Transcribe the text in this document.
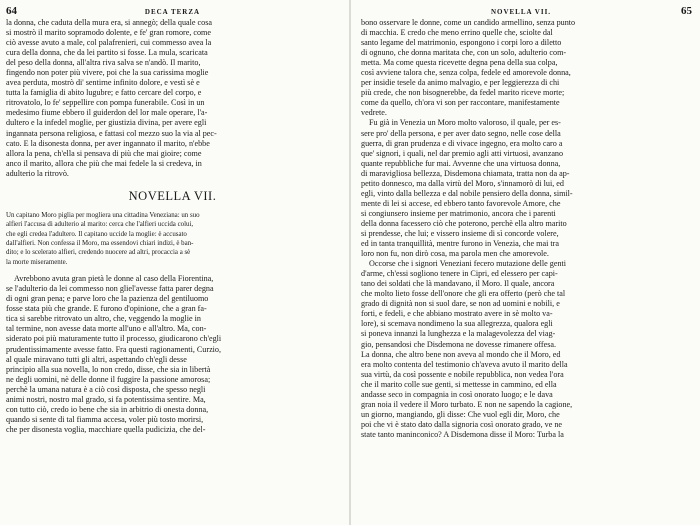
64	DECA TERZA
la donna, che caduta della mura era, si annegò; della quale cosa
si mostrò il marito sopramodo dolente, e fe' gran romore, come
ciò avesse avuto a male, col palafrenieri, cui commesso avea la
cura della donna, che da lei partito si fosse. La mula, scaricata
del peso della donna, all'altra riva salva se n'andò. Il marito,
fingendo non poter più vivere, poi che la sua carissima moglie
avea perduta, mostrò di' sentirne infinito dolore, e vestì sè e
tutta la famiglia di abito lugubre; e fatto cercare del corpo, e
ritrovatolo, lo fe' seppellire con pompa funerabile. Così in un
medesimo fiume ebbero il guiderdon del lor male operare, l'a-
dultero e la infedel moglie, per giustizia divina, per avere egli
ingannata persona religiosa, e fattasi col mezzo suo la via al pec-
cato. E la disonesta donna, per aver ingannato il marito, n'ebbe
allora la pena, ch'ella si pensava di più che mai gioire; come
anco il marito, allora che più che mai fedele la si credeva, in
adulterio la ritrovò.
NOVELLA VII.
Un capitano Moro piglia per mogliera una cittadina Veneziana: un suo
alfieri l'accusa di adulterio al marito: cerca che l'alfieri uccida colui,
che egli credea l'adultero. Il capitano uccide la moglie: è accusato
dall'alfieri. Non confessa il Moro, ma essendovi chiari indizi, è ban-
dito; e lo scelerato alfieri, credendo nuocere ad altri, procaccia a sè
la morte miseramente.
Avrebbono avuta gran pietà le donne al caso della Fiorentina,
se l'adulterio da lei commesso non gliel'avesse fatta parer degna
di ogni gran pena; e parve loro che la pazienza del gentiluomo
fosse stata più che grande. E furono d'opinione, che a gran fa-
tica si sarebbe ritrovato un altro, che, veggendo la moglie in
tal termine, non avesse data morte all'uno e all'altro. Ma, con-
siderato poi più maturamente tutto il processo, giudicarono ch'egli
prudentissimamente avesse fatto. Fra questi ragionamenti, Curzio,
al quale miravano tutti gli altri, aspettando ch'egli desse
principio alla sua novella, lo non credo, disse, che sia in libertà
ne degli uomini, nè delle donne il fuggire la passione amorosa;
perchè la umana natura è a ciò così disposta, che spesso negli
animi nostri, nostro mal grado, si fa potentissima sentire. Ma,
con tutto ciò, credo io bene che sia in arbitrio di onesta donna,
quando si sente di tal fiamma accesa, voler più tosto morirsi,
che per disonesta voglia, macchiare quella pudicizia, che del-
NOVELLA VII.	65
bono osservare le donne, come un candido armellino, senza punto
di macchia. E credo che meno errino quelle che, sciolte dal
santo legame del matrimonio, espongono i corpi loro a diletto
di ognuno, che donna maritata che, con un solo, adulterio com-
metta. Ma come questa ricevette degna pena della sua colpa,
così avviene talora che, senza colpa, fedele ed amorevole donna,
per insidie tesele da animo malvagio, e per leggierezza di chi
più crede, che non bisognerebbe, da fedel marito riceve morte;
come da quello, ch'ora vi son per raccontare, manifestamente
vedrete.
Fu già in Venezia un Moro molto valoroso, il quale, per es-
sere pro' della persona, e per aver dato segno, nelle cose della
guerra, di gran prudenza e di vivace ingegno, era molto caro a
que' signori, i quali, nel dar premio agli atti virtuosi, avanzano
quante repubbliche fur mai. Avvenne che una virtuosa donna,
di maravigliosa bellezza, Disdemona chiamata, tratta non da ap-
petito donnesco, ma dalla virtù del Moro, s'innamorò di lui, ed
egli, vinto dalla bellezza e dal nobile pensiero della donna, simil-
mente di lei si accese, ed ebbero tanto favorevole Amore, che
si congiunsero insieme per matrimonio, ancora che i parenti
della donna facessero ciò che poterono, perchè ella altro marito
si prendesse, che lui; e vissero insieme di sì concorde volere,
ed in tanta tranquillità, mentre furono in Venezia, che mai tra
loro non fu, non dirò cosa, ma parola men che amorevole.
Occorse che i signori Veneziani fecero mutazione delle genti
d'arme, ch'essi sogliono tenere in Cipri, ed elessero per capi-
tano dei soldati che là mandavano, il Moro. Il quale, ancora
che molto lieto fosse dell'onore che gli era offerto (però che tal
grado di dignità non si suol dare, se non ad uomini e nobili, e
forti, e fedeli, e che abbiano mostrato avere in sè molto va-
lore), si scemava nondimeno la sua allegrezza, qualora egli
si poneva innanzi la lunghezza e la malagevolezza del viag-
gio, pensandosi che Disdemona ne dovesse rimanere offesa.
La donna, che altro bene non aveva al mondo che il Moro, ed
era molto contenta del testimonio ch'aveva avuto il marito della
sua virtù, da così possente e nobile repubblica, non vedea l'ora
che il marito colle sue genti, si mettesse in cammino, ed ella
andasse seco in compagnia in così onorato luogo; e le dava
gran noia il vedere il Moro turbato. E non ne sapendo la cagione,
un giorno, mangiando, gli disse: Che vuol egli dir, Moro, che
poi che vi è stato dato dalla signoria così onorato grado, ve ne
state tanto maninconico? A Disdemona disse il Moro: Turba la
